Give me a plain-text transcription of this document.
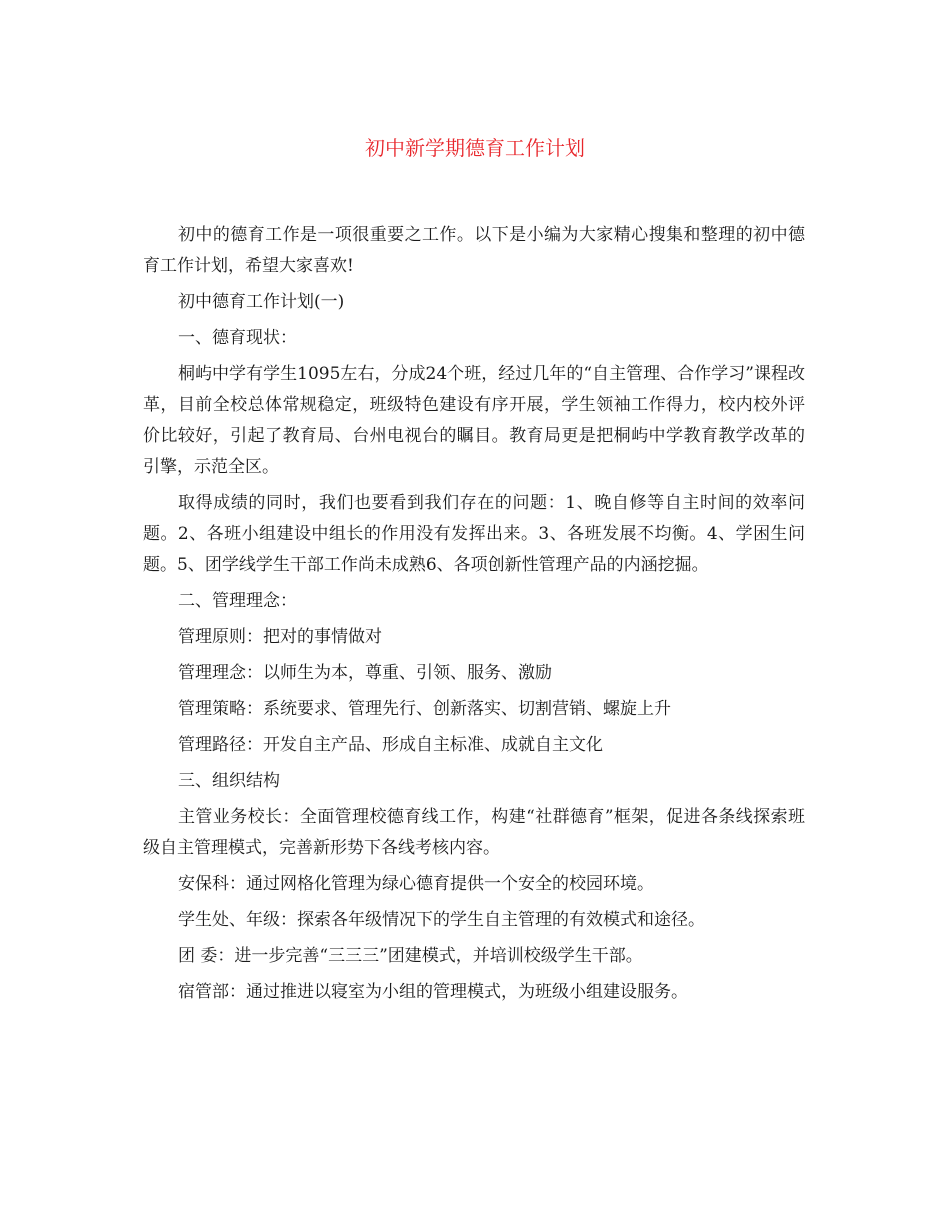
初中新学期德育工作计划

初中的德育工作是一项很重要之工作。以下是小编为大家精心搜集和整理的初中德育工作计划，希望大家喜欢!

初中德育工作计划(一)

一、德育现状：

桐屿中学有学生1095左右，分成24个班，经过几年的“自主管理、合作学习”课程改革，目前全校总体常规稳定，班级特色建设有序开展，学生领袖工作得力，校内校外评价比较好，引起了教育局、台州电视台的瞩目。教育局更是把桐屿中学教育教学改革的引擎，示范全区。

取得成绩的同时，我们也要看到我们存在的问题：1、晚自修等自主时间的效率问题。2、各班小组建设中组长的作用没有发挥出来。3、各班发展不均衡。4、学困生问题。5、团学线学生干部工作尚未成熟6、各项创新性管理产品的内涵挖掘。

二、管理理念：

管理原则：把对的事情做对

管理理念：以师生为本，尊重、引领、服务、激励

管理策略：系统要求、管理先行、创新落实、切割营销、螺旋上升

管理路径：开发自主产品、形成自主标准、成就自主文化

三、组织结构

主管业务校长：全面管理校德育线工作，构建“社群德育”框架，促进各条线探索班级自主管理模式，完善新形势下各线考核内容。

安保科：通过网格化管理为绿心德育提供一个安全的校园环境。

学生处、年级：探索各年级情况下的学生自主管理的有效模式和途径。

团 委：进一步完善“三三三”团建模式，并培训校级学生干部。

宿管部：通过推进以寝室为小组的管理模式，为班级小组建设服务。
